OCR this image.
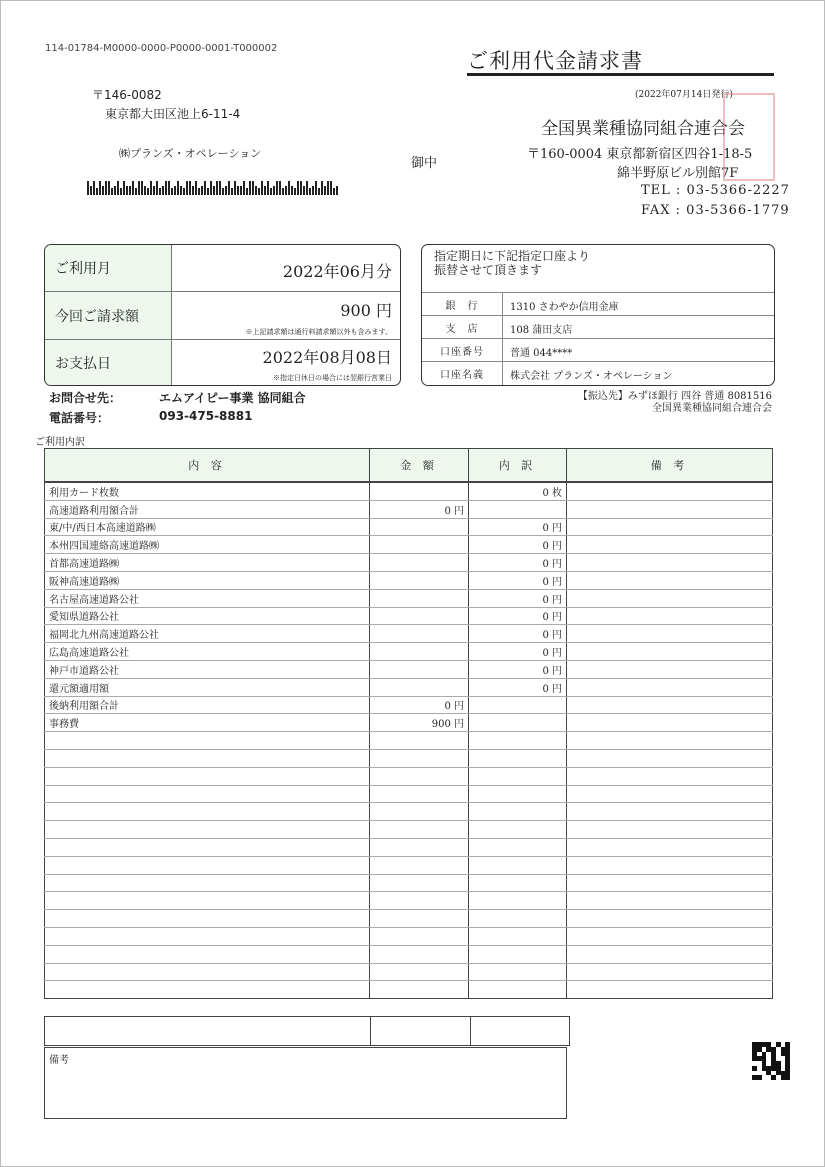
114-01784-M0000-0000-P0000-0001-T000002
ご利用代金請求書
(2022年07月14日発行)
〒146-0082
東京都大田区池上6-11-4
㈱プランズ・オペレーション
御中
全国異業種協同組合連合会
〒160-0004 東京都新宿区四谷1-18-5
綿半野原ビル別館7F
TEL : 03-5366-2227
FAX : 03-5366-1779
ご利用月	2022年06月分
今回ご請求額	900 円
※上記請求額は通行料請求額以外も含みます。
お支払日	2022年08月08日
※指定日休日の場合には翌銀行営業日
指定期日に下記指定口座より
振替させて頂きます
銀　行	1310 さわやか信用金庫
支　店	108 蒲田支店
口座番号	普通 044****
口座名義	株式会社 プランズ・オペレーション
【振込先】みずほ銀行 四谷 普通 8081516
全国異業種協同組合連合会
お問合せ先：	エムアイピー事業 協同組合
電話番号：	093-475-8881
ご利用内訳
内 容	金 額	内 訳	備 考
利用カード枚数		0 枚	
高速道路利用額合計	0 円		
東/中/西日本高速道路㈱		0 円	
本州四国連絡高速道路㈱		0 円	
首都高速道路㈱		0 円	
阪神高速道路㈱		0 円	
名古屋高速道路公社		0 円	
愛知県道路公社		0 円	
福岡北九州高速道路公社		0 円	
広島高速道路公社		0 円	
神戸市道路公社		0 円	
還元額適用額		0 円	
後納利用額合計	0 円		
事務費	900 円		

備考
